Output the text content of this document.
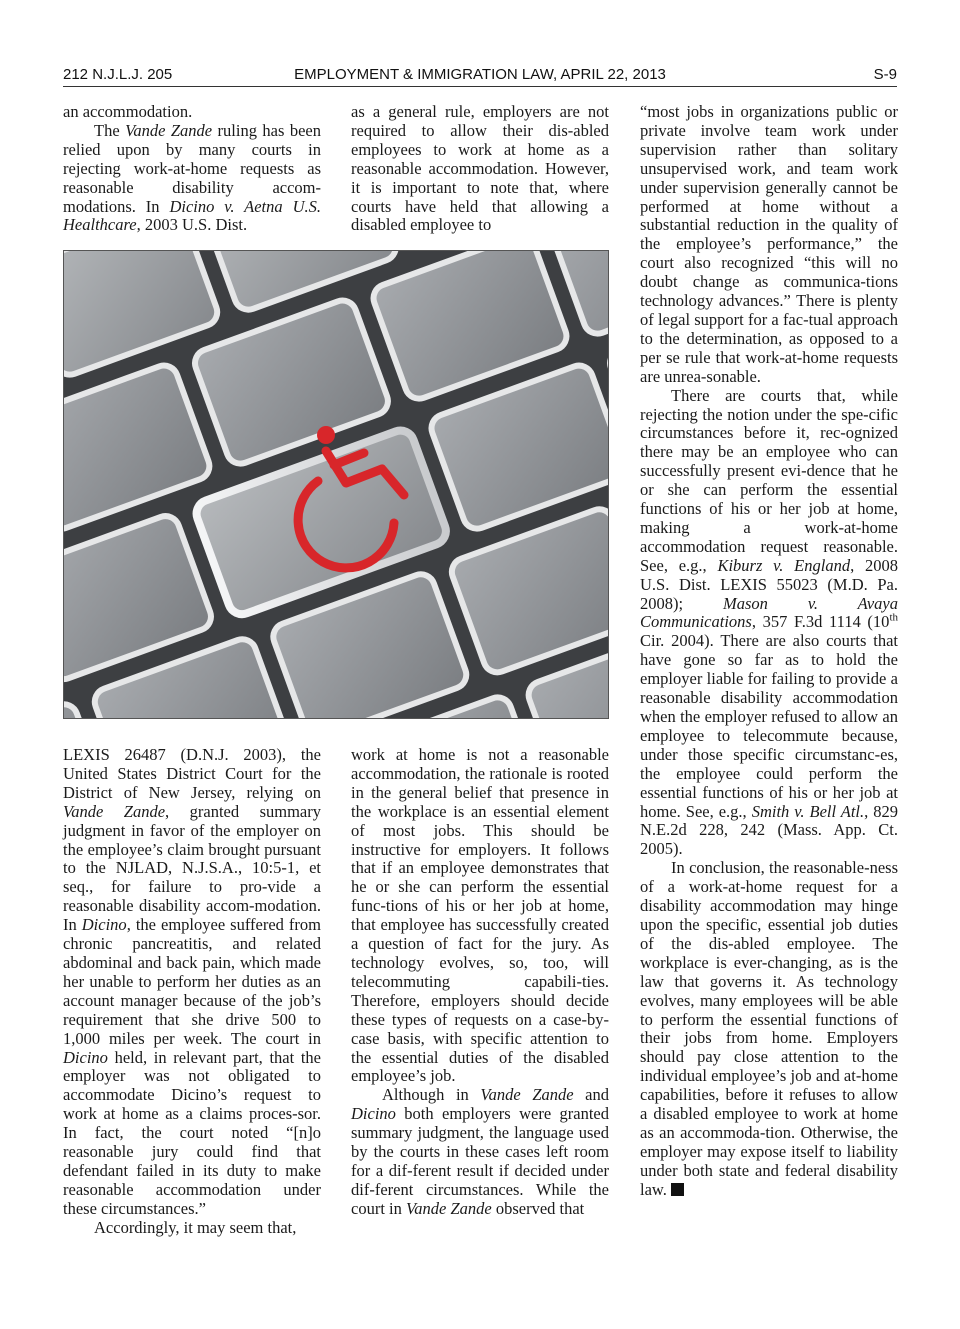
212 N.J.L.J. 205	EMPLOYMENT & IMMIGRATION LAW, APRIL 22, 2013	S-9

an accommodation.

The Vande Zande ruling has been relied upon by many courts in rejecting work-at-home requests as reasonable disability accom-modations. In Dicino v. Aetna U.S. Healthcare, 2003 U.S. Dist.

as a general rule, employers are not required to allow their dis-abled employees to work at home as a reasonable accommodation. However, it is important to note that, where courts have held that allowing a disabled employee to

LEXIS 26487 (D.N.J. 2003), the United States District Court for the District of New Jersey, relying on Vande Zande, granted summary judgment in favor of the employer on the employee’s claim brought pursuant to the NJLAD, N.J.S.A., 10:5-1, et seq., for failure to pro-vide a reasonable disability accom-modation. In Dicino, the employee suffered from chronic pancreatitis, and related abdominal and back pain, which made her unable to perform her duties as an account manager because of the job’s requirement that she drive 500 to 1,000 miles per week. The court in Dicino held, in relevant part, that the employer was not obligated to accommodate Dicino’s request to work at home as a claims proces-sor. In fact, the court noted “[n]o reasonable jury could find that defendant failed in its duty to make reasonable accommodation under these circumstances.”

Accordingly, it may seem that,

work at home is not a reasonable accommodation, the rationale is rooted in the general belief that presence in the workplace is an essential element of most jobs. This should be instructive for employers. It follows that if an employee demonstrates that he or she can perform the essential func-tions of his or her job at home, that employee has successfully created a question of fact for the jury. As technology evolves, so, too, will telecommuting capabili-ties. Therefore, employers should decide these types of requests on a case-by-case basis, with specific attention to the essential duties of the disabled employee’s job.

Although in Vande Zande and Dicino both employers were granted summary judgment, the language used by the courts in these cases left room for a dif-ferent result if decided under dif-ferent circumstances. While the court in Vande Zande observed that

“most jobs in organizations public or private involve team work under supervision rather than solitary unsupervised work, and team work under supervision generally cannot be performed at home without a substantial reduction in the quality of the employee’s performance,” the court also recognized “this will no doubt change as communica-tions technology advances.” There is plenty of legal support for a fac-tual approach to the determination, as opposed to a per se rule that work-at-home requests are unrea-sonable.

There are courts that, while rejecting the notion under the spe-cific circumstances before it, rec-ognized there may be an employee who can successfully present evi-dence that he or she can perform the essential functions of his or her job at home, making a work-at-home accommodation request reasonable. See, e.g., Kiburz v. England, 2008 U.S. Dist. LEXIS 55023 (M.D. Pa. 2008); Mason v. Avaya Communications, 357 F.3d 1114 (10th Cir. 2004). There are also courts that have gone so far as to hold the employer liable for failing to provide a reasonable disability accommodation when the employer refused to allow an employee to telecommute because, under those specific circumstanc-es, the employee could perform the essential functions of his or her job at home. See, e.g., Smith v. Bell Atl., 829 N.E.2d 228, 242 (Mass. App. Ct. 2005).

In conclusion, the reasonable-ness of a work-at-home request for a disability accommodation may hinge upon the specific, essential job duties of the dis-abled employee. The workplace is ever-changing, as is the law that governs it. As technology evolves, many employees will be able to perform the essential functions of their jobs from home. Employers should pay close attention to the individual employee’s job and at-home capabilities, before it refuses to allow a disabled employee to work at home as an accommoda-tion. Otherwise, the employer may expose itself to liability under both state and federal disability law.
